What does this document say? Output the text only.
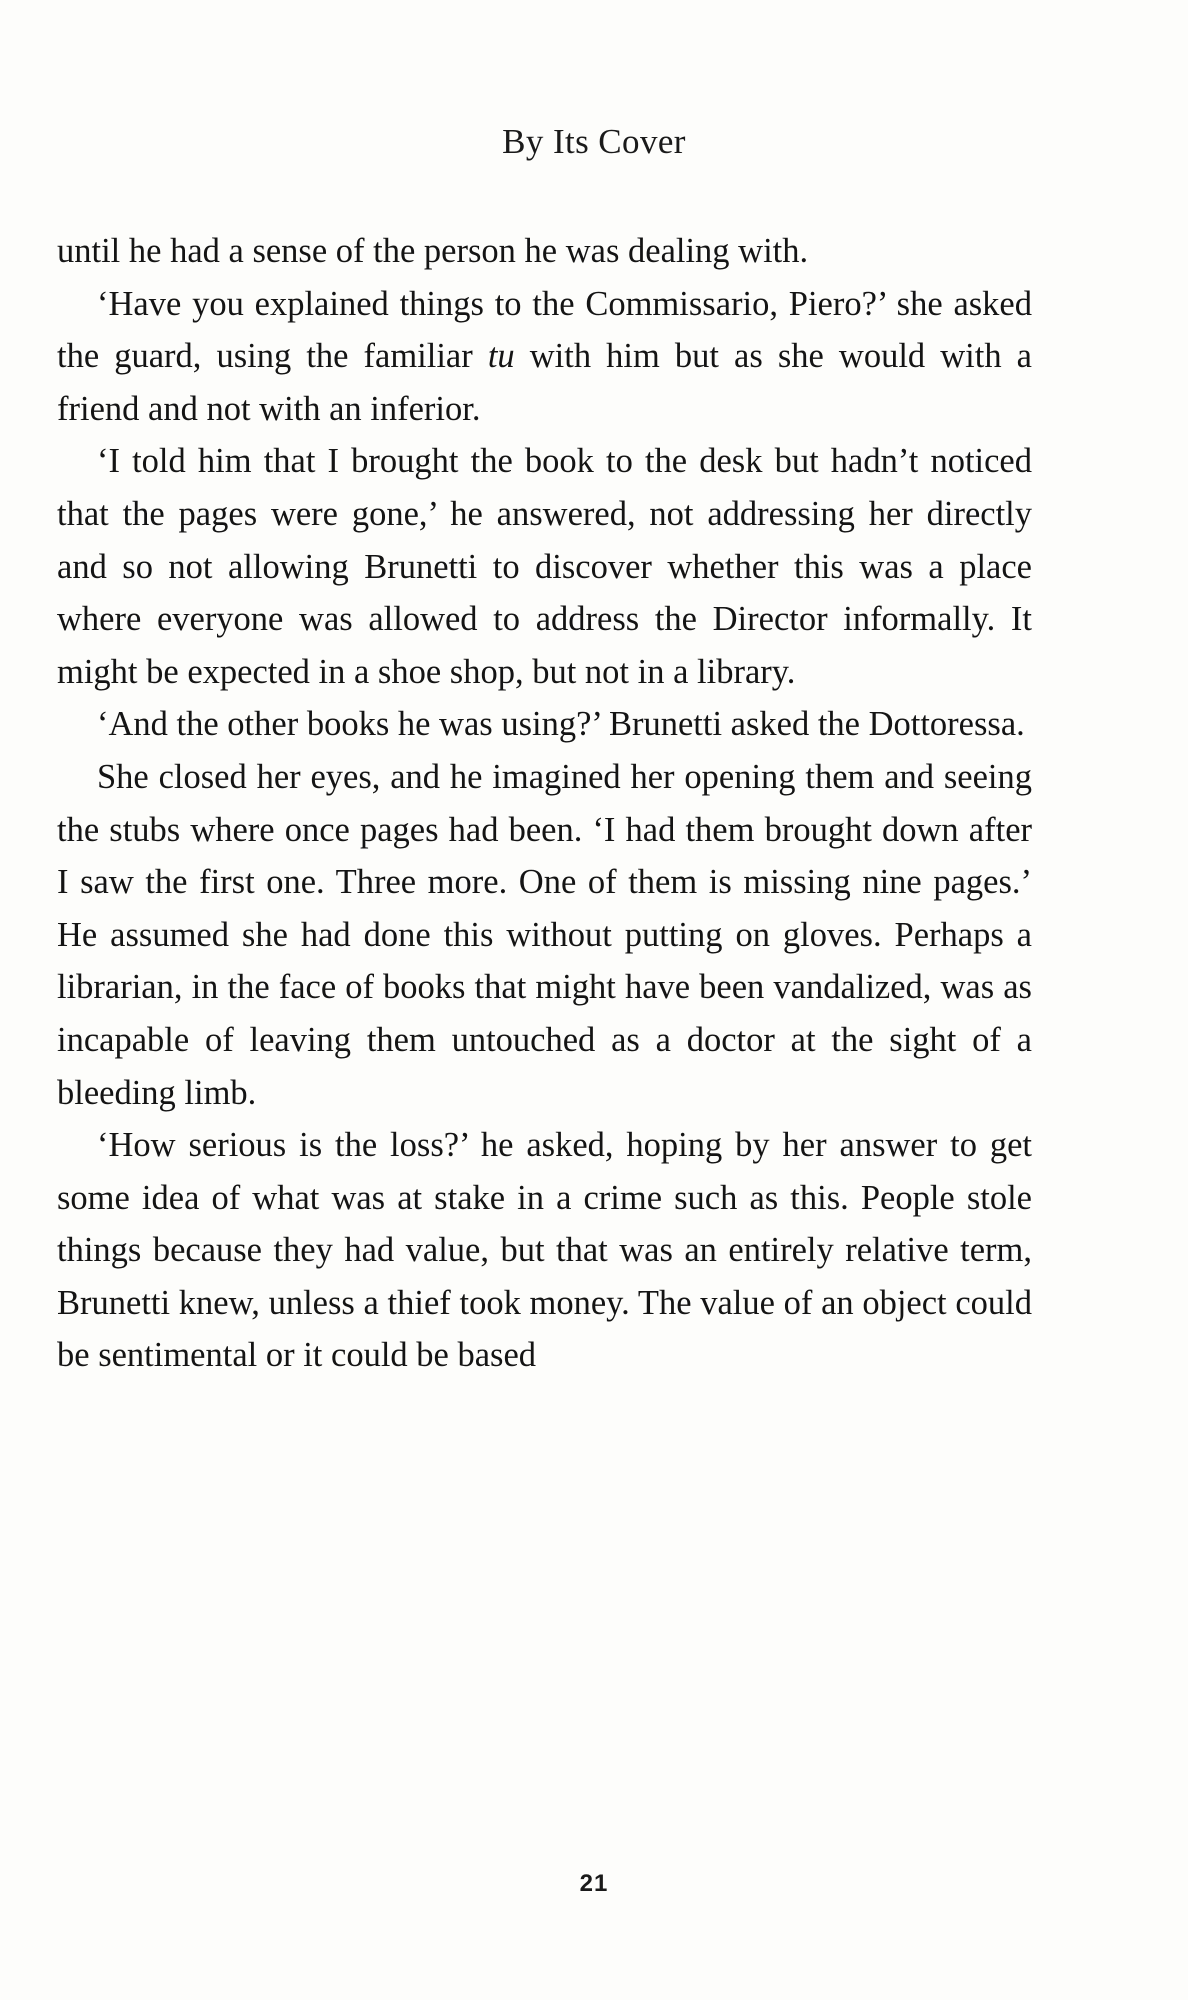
By Its Cover

until he had a sense of the person he was dealing with.

‘Have you explained things to the Commissario, Piero?’ she asked the guard, using the familiar tu with him but as she would with a friend and not with an inferior.

‘I told him that I brought the book to the desk but hadn’t noticed that the pages were gone,’ he answered, not addressing her directly and so not allowing Brunetti to discover whether this was a place where everyone was allowed to address the Director informally. It might be expected in a shoe shop, but not in a library.

‘And the other books he was using?’ Brunetti asked the Dottoressa.

She closed her eyes, and he imagined her opening them and seeing the stubs where once pages had been. ‘I had them brought down after I saw the first one. Three more. One of them is missing nine pages.’ He assumed she had done this without putting on gloves. Perhaps a librarian, in the face of books that might have been vandalized, was as incapable of leaving them untouched as a doctor at the sight of a bleeding limb.

‘How serious is the loss?’ he asked, hoping by her answer to get some idea of what was at stake in a crime such as this. People stole things because they had value, but that was an entirely relative term, Brunetti knew, unless a thief took money. The value of an object could be sentimental or it could be based

21
